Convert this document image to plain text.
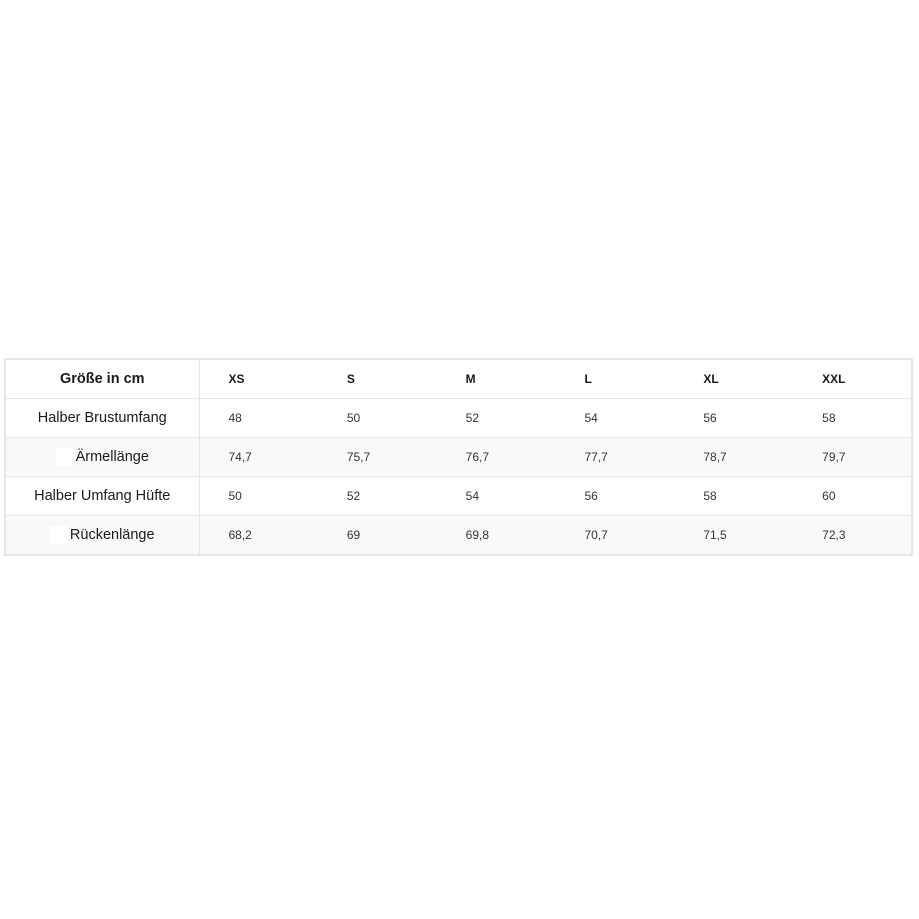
Größe in cm	XS	S	M	L	XL	XXL
Halber Brustumfang	48	50	52	54	56	58
Ärmellänge	74,7	75,7	76,7	77,7	78,7	79,7
Halber Umfang Hüfte	50	52	54	56	58	60
Rückenlänge	68,2	69	69,8	70,7	71,5	72,3
